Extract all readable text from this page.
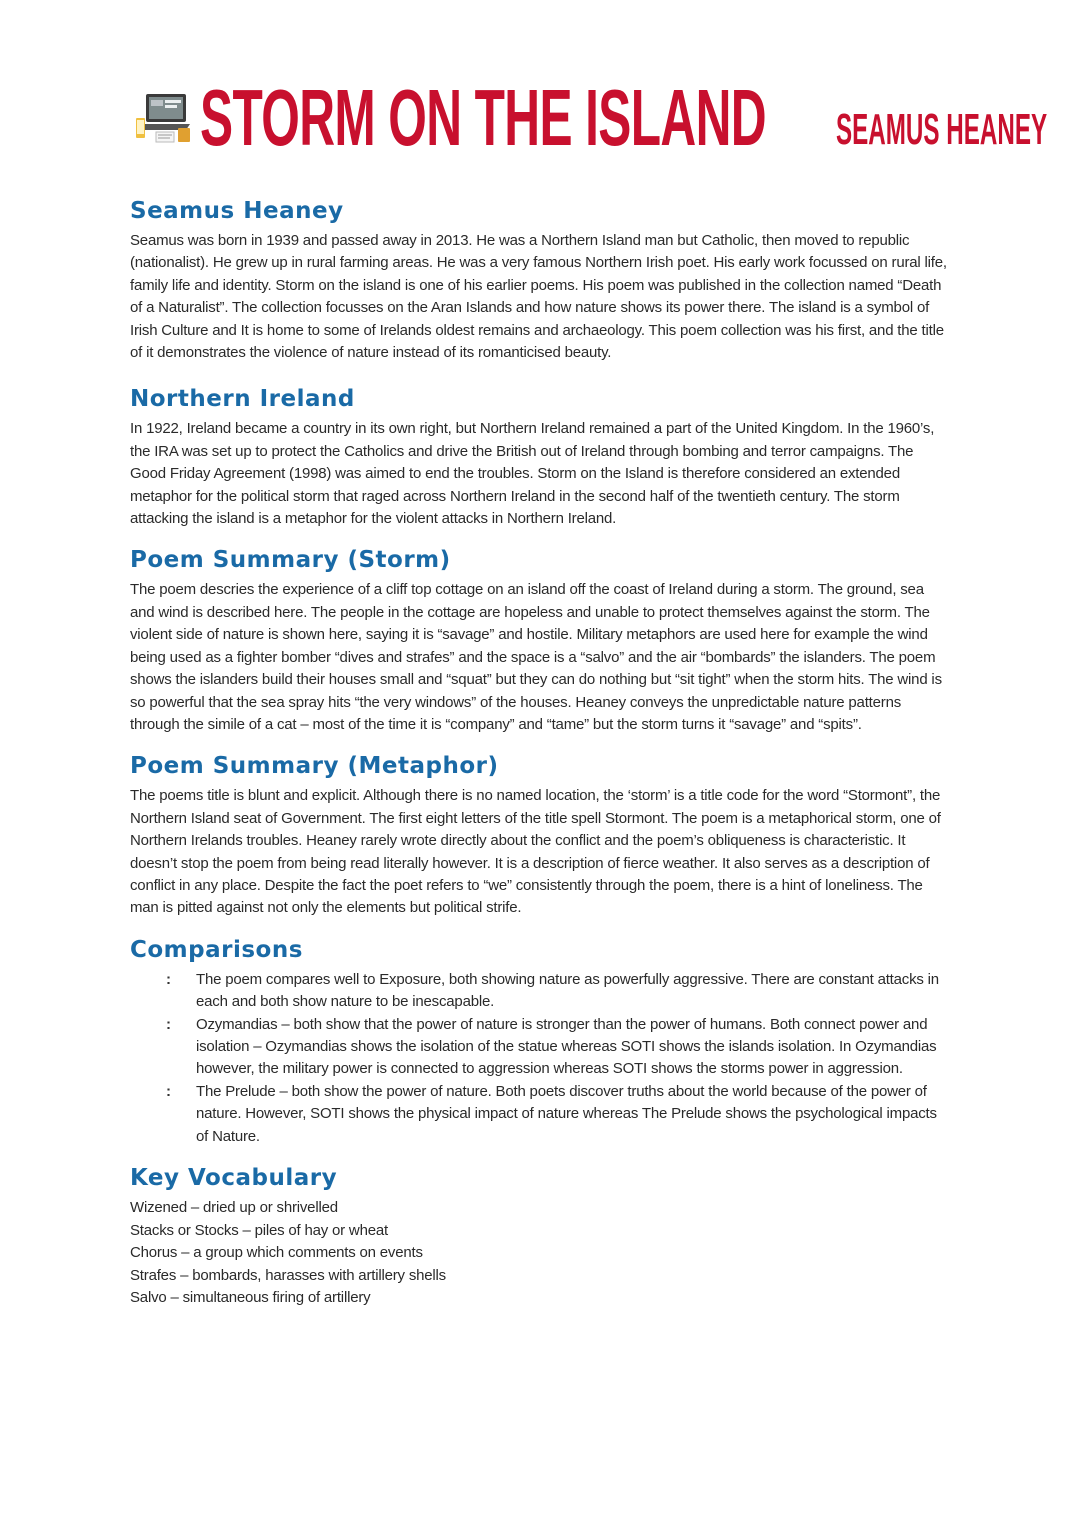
STORM ON THE ISLAND SEAMUS HEANEY
Seamus Heaney

Seamus was born in 1939 and passed away in 2013. He was a Northern Island man but Catholic, then moved to republic (nationalist). He grew up in rural farming areas. He was a very famous Northern Irish poet. His early work focussed on rural life, family life and identity. Storm on the island is one of his earlier poems. His poem was published in the collection named “Death of a Naturalist”. The collection focusses on the Aran Islands and how nature shows its power there. The island is a symbol of Irish Culture and It is home to some of Irelands oldest remains and archaeology. This poem collection was his first, and the title of it demonstrates the violence of nature instead of its romanticised beauty.

Northern Ireland

In 1922, Ireland became a country in its own right, but Northern Ireland remained a part of the United Kingdom. In the 1960’s, the IRA was set up to protect the Catholics and drive the British out of Ireland through bombing and terror campaigns. The Good Friday Agreement (1998) was aimed to end the troubles. Storm on the Island is therefore considered an extended metaphor for the political storm that raged across Northern Ireland in the second half of the twentieth century. The storm attacking the island is a metaphor for the violent attacks in Northern Ireland.

Poem Summary (Storm)

The poem descries the experience of a cliff top cottage on an island off the coast of Ireland during a storm. The ground, sea and wind is described here. The people in the cottage are hopeless and unable to protect themselves against the storm. The violent side of nature is shown here, saying it is “savage” and hostile. Military metaphors are used here for example the wind being used as a fighter bomber “dives and strafes” and the space is a “salvo” and the air “bombards” the islanders. The poem shows the islanders build their houses small and “squat” but they can do nothing but “sit tight” when the storm hits. The wind is so powerful that the sea spray hits “the very windows” of the houses. Heaney conveys the unpredictable nature patterns through the simile of a cat – most of the time it is “company” and “tame” but the storm turns it “savage” and “spits”.

Poem Summary (Metaphor)

The poems title is blunt and explicit. Although there is no named location, the ‘storm’ is a title code for the word “Stormont”, the Northern Island seat of Government. The first eight letters of the title spell Stormont. The poem is a metaphorical storm, one of Northern Irelands troubles. Heaney rarely wrote directly about the conflict and the poem’s obliqueness is characteristic. It doesn’t stop the poem from being read literally however. It is a description of fierce weather. It also serves as a description of conflict in any place. Despite the fact the poet refers to “we” consistently through the poem, there is a hint of loneliness. The man is pitted against not only the elements but political strife.

Comparisons
: The poem compares well to Exposure, both showing nature as powerfully aggressive. There are constant attacks in each and both show nature to be inescapable.
: Ozymandias – both show that the power of nature is stronger than the power of humans. Both connect power and isolation – Ozymandias shows the isolation of the statue whereas SOTI shows the islands isolation. In Ozymandias however, the military power is connected to aggression whereas SOTI shows the storms power in aggression.
: The Prelude – both show the power of nature. Both poets discover truths about the world because of the power of nature. However, SOTI shows the physical impact of nature whereas The Prelude shows the psychological impacts of Nature.
Key Vocabulary
Wizened – dried up or shrivelled
Stacks or Stocks – piles of hay or wheat
Chorus – a group which comments on events
Strafes – bombards, harasses with artillery shells
Salvo – simultaneous firing of artillery
